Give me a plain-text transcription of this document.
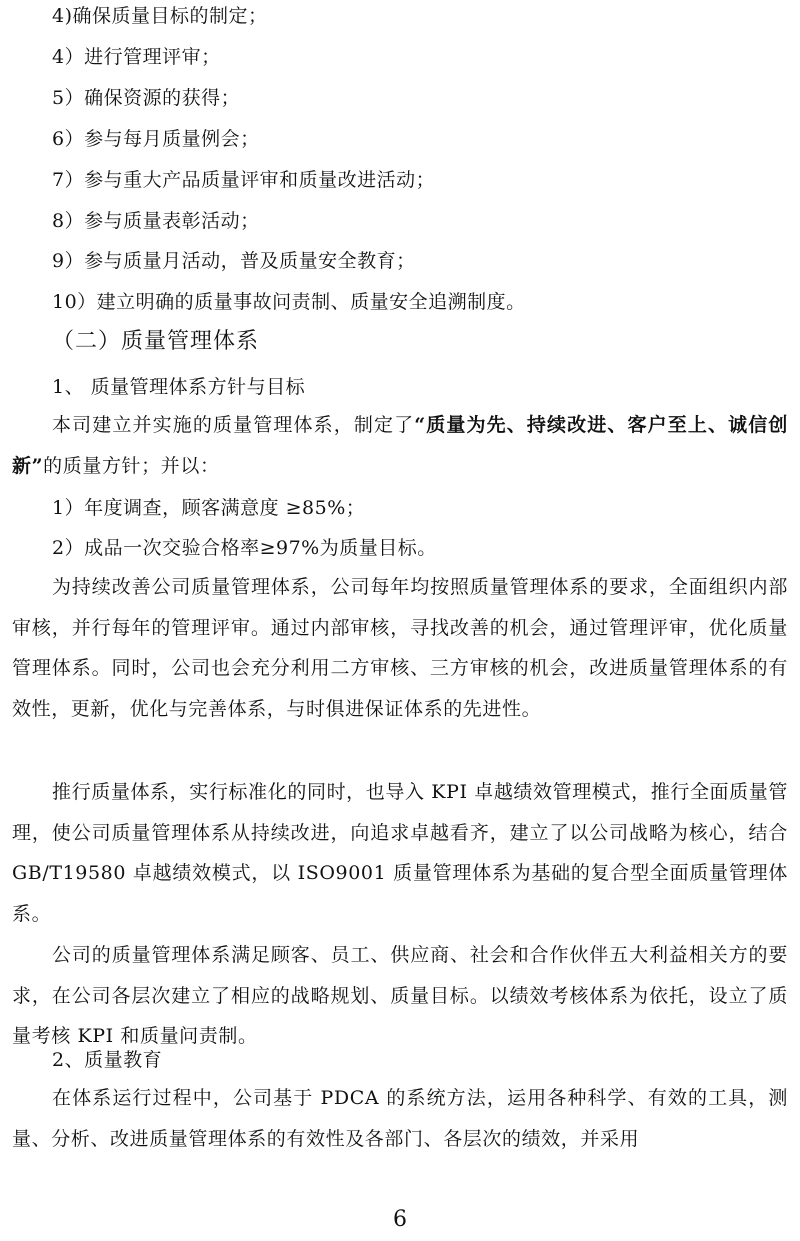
4)确保质量目标的制定；
4）进行管理评审；
5）确保资源的获得；
6）参与每月质量例会；
7）参与重大产品质量评审和质量改进活动；
8）参与质量表彰活动；
9）参与质量月活动，普及质量安全教育；
10）建立明确的质量事故问责制、质量安全追溯制度。
（二）质量管理体系
1、 质量管理体系方针与目标
本司建立并实施的质量管理体系，制定了“质量为先、持续改进、客户至上、诚信创新”的质量方针；并以：
1）年度调查，顾客满意度 ≥85%；
2）成品一次交验合格率≥97%为质量目标。
为持续改善公司质量管理体系，公司每年均按照质量管理体系的要求，全面组织内部审核，并行每年的管理评审。通过内部审核，寻找改善的机会，通过管理评审，优化质量管理体系。同时，公司也会充分利用二方审核、三方审核的机会，改进质量管理体系的有效性，更新，优化与完善体系，与时俱进保证体系的先进性。
推行质量体系，实行标准化的同时，也导入 KPI 卓越绩效管理模式，推行全面质量管理，使公司质量管理体系从持续改进，向追求卓越看齐，建立了以公司战略为核心，结合 GB/T19580 卓越绩效模式，以 ISO9001 质量管理体系为基础的复合型全面质量管理体系。
公司的质量管理体系满足顾客、员工、供应商、社会和合作伙伴五大利益相关方的要求，在公司各层次建立了相应的战略规划、质量目标。以绩效考核体系为依托，设立了质量考核 KPI 和质量问责制。
2、质量教育
在体系运行过程中，公司基于 PDCA 的系统方法，运用各种科学、有效的工具，测量、分析、改进质量管理体系的有效性及各部门、各层次的绩效，并采用
6
